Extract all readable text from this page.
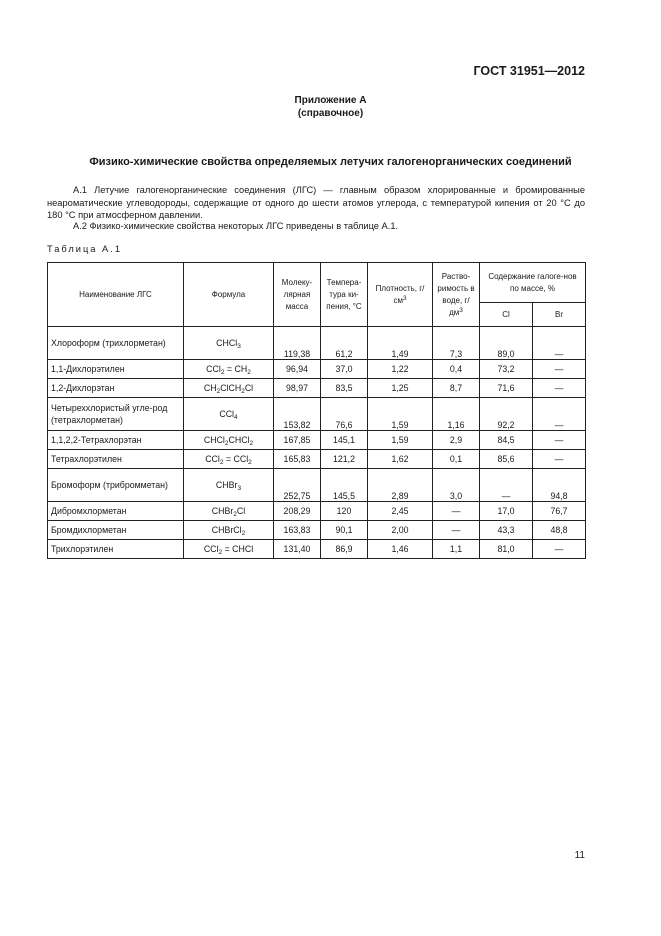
ГОСТ 31951—2012
Приложение А
(справочное)
Физико-химические свойства определяемых летучих галогенорганических соединений
А.1 Летучие галогенорганические соединения (ЛГС) — главным образом хлорированные и бромированные неароматические углеводороды, содержащие от одного до шести атомов углерода, с температурой кипения от 20 °С до 180 °С при атмосферном давлении.
А.2 Физико-химические свойства некоторых ЛГС приведены в таблице А.1.
Таблица А.1
Наименование ЛГС	Формула	Молеку-лярная масса	Темпера-тура ки-пения, °С	Плотность, $г/см^3$	Раство-римость в воде, $г/дм^3$	Содержание галоге-нов по массе, %	
						Cl	Br
Хлороформ (трихлорметан)	CHCl$_3$	119,38	61,2	1,49	7,3	89,0	—
1,1-Дихлорэтилен	$CCl_2 = CH_2$	96,94	37,0	1,22	0,4	73,2	—
1,2-Дихлорэтан	$CH_2ClCH_2Cl$	98,97	83,5	1,25	8,7	71,6	—
Четыреххлористый угле-род (тетрахлорметан)	CCl$_4$	153,82	76,6	1,59	1,16	92,2	—
1,1,2,2-Тетрахлорэтан	CHCl$_2$CHCl$_2$	167,85	145,1	1,59	2,9	84,5	—
Тетрахлорэтилен	CCl$_2$ = CCl$_2$	165,83	121,2	1,62	0,1	85,6	—
Бромоформ (трибромметан)	CHBr$_3$	252,75	145,5	2,89	3,0	—	94,8
Дибромхлорметан	CHBr$_2$Cl	208,29	120	2,45	—	17,0	76,7
Бромдихлорметан	CHBrCl$_2$	163,83	90,1	2,00	—	43,3	48,8
Трихлорэтилен	CCl$_2$ = CHCl	131,40	86,9	1,46	1,1	81,0	—
11
